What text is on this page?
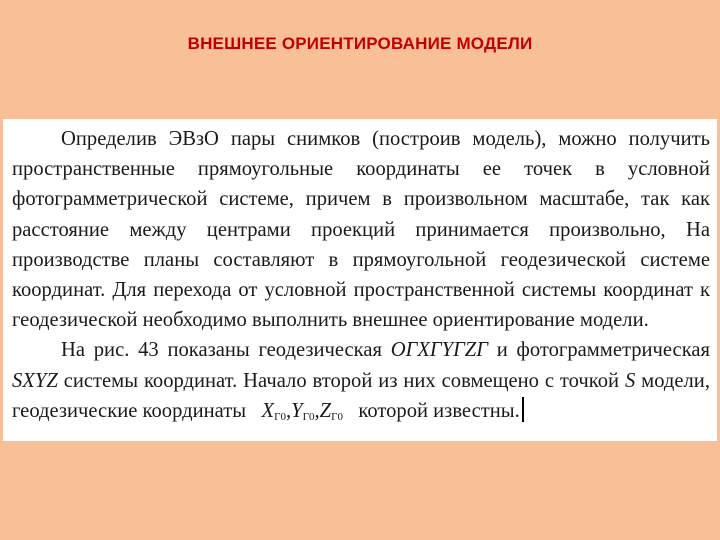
ВНЕШНЕЕ ОРИЕНТИРОВАНИЕ МОДЕЛИ
Определив ЭВзО пары снимков (построив модель), можно получить
пространственные прямоугольные координаты ее точек в условной
фотограмметрической системе, причем в произвольном масштабе, так как
расстояние между центрами проекций принимается произвольно, На
производстве планы составляют в прямоугольной геодезической системе
координат. Для перехода от условной пространственной системы координат к
геодезической необходимо выполнить внешнее ориентирование модели.
На рис. 43 показаны геодезическая OГXГYГZГ и фотограмметрическая
SXYZ системы координат. Начало второй из них совмещено с точкой S модели,
геодезические координаты $X_{Г0},Y_{Г0},Z_{Г0}$ которой известны.
